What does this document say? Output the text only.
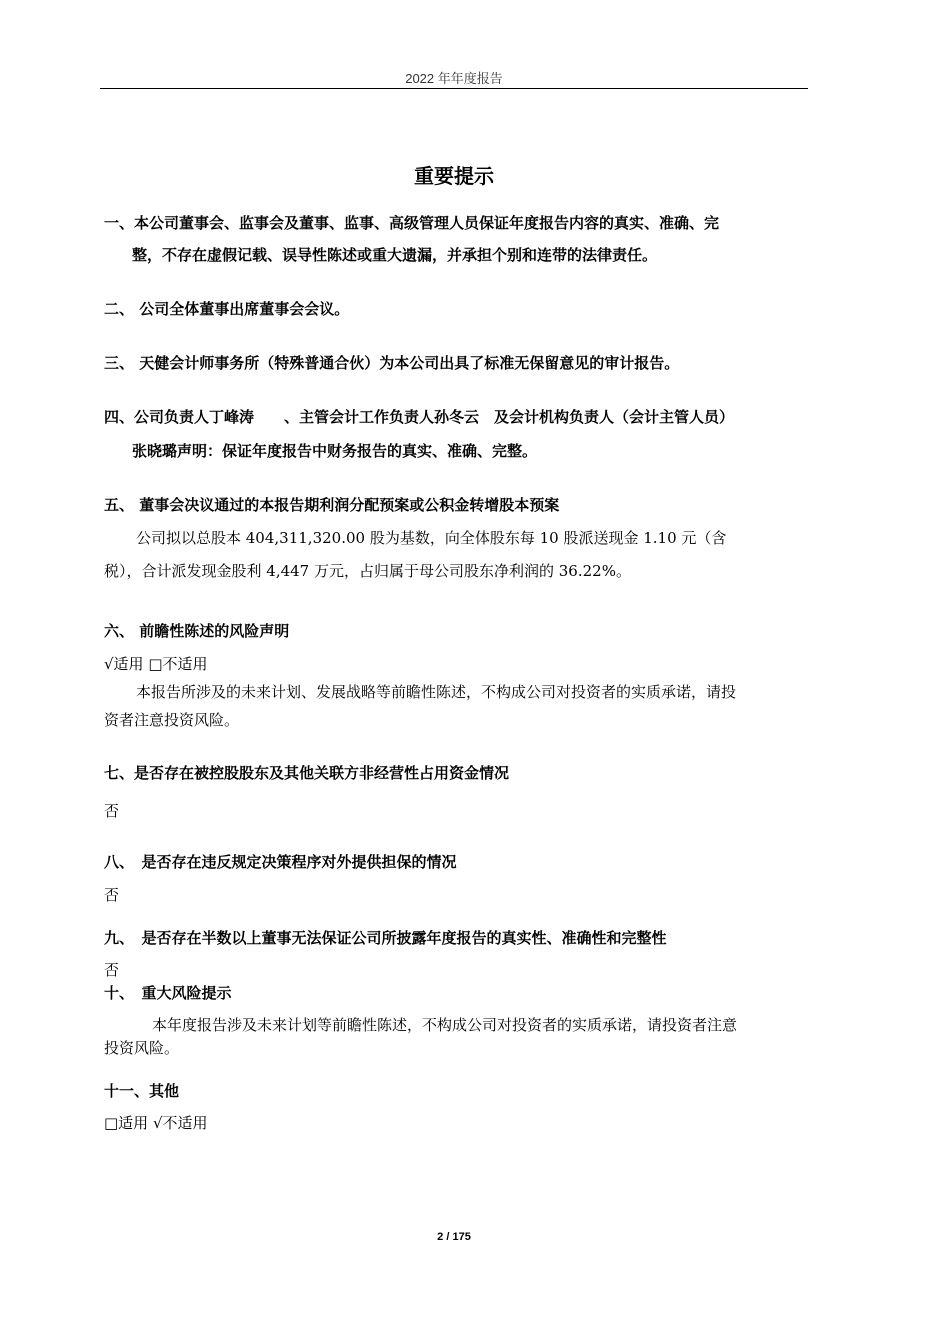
2022 年年度报告
重要提示
一、本公司董事会、监事会及董事、监事、高级管理人员保证年度报告内容的真实、准确、完
整，不存在虚假记载、误导性陈述或重大遗漏，并承担个别和连带的法律责任。
二、 公司全体董事出席董事会会议。
三、 天健会计师事务所（特殊普通合伙）为本公司出具了标准无保留意见的审计报告。
四、公司负责人丁峰涛　　、主管会计工作负责人孙冬云　及会计机构负责人（会计主管人员）
张晓璐声明：保证年度报告中财务报告的真实、准确、完整。
五、 董事会决议通过的本报告期利润分配预案或公积金转增股本预案
公司拟以总股本 404,311,320.00 股为基数，向全体股东每 10 股派送现金 1.10 元（含
税），合计派发现金股利 4,447 万元，占归属于母公司股东净利润的 36.22%。
六、 前瞻性陈述的风险声明
√适用 □不适用
本报告所涉及的未来计划、发展战略等前瞻性陈述，不构成公司对投资者的实质承诺，请投
资者注意投资风险。
七、是否存在被控股股东及其他关联方非经营性占用资金情况
否
八、　是否存在违反规定决策程序对外提供担保的情况
否
九、　是否存在半数以上董事无法保证公司所披露年度报告的真实性、准确性和完整性
否
十、　重大风险提示
本年度报告涉及未来计划等前瞻性陈述，不构成公司对投资者的实质承诺，请投资者注意
投资风险。
十一、其他
□适用 √不适用
2 / 175
